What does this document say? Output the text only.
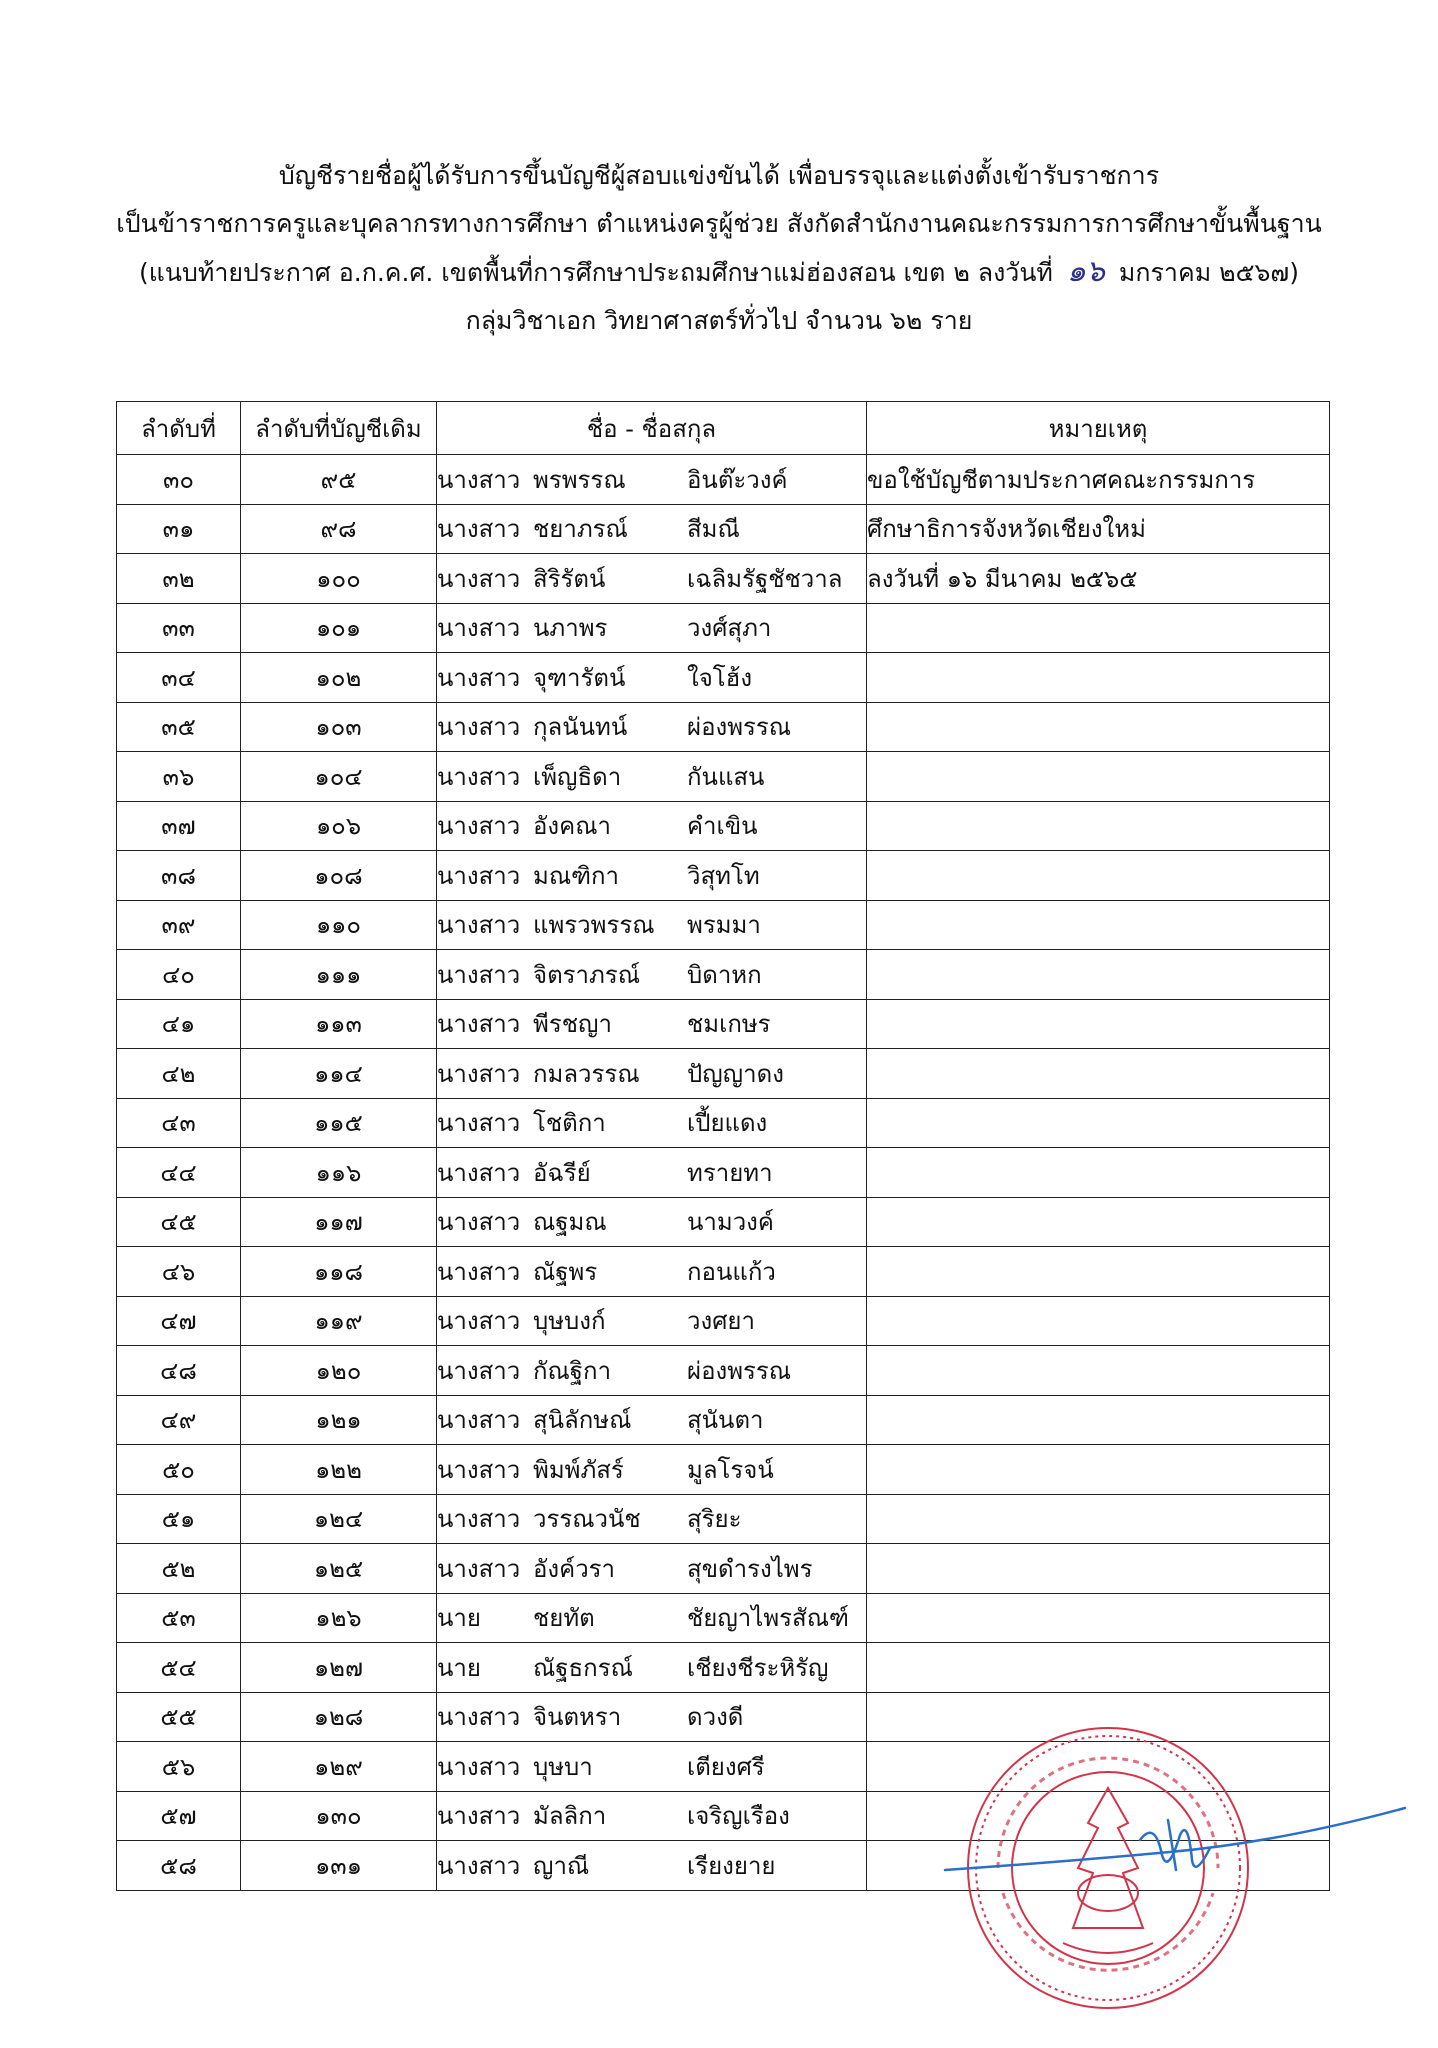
บัญชีรายชื่อผู้ได้รับการขึ้นบัญชีผู้สอบแข่งขันได้ เพื่อบรรจุและแต่งตั้งเข้ารับราชการ
เป็นข้าราชการครูและบุคลากรทางการศึกษา ตำแหน่งครูผู้ช่วย สังกัดสำนักงานคณะกรรมการการศึกษาขั้นพื้นฐาน
(แนบท้ายประกาศ อ.ก.ค.ศ. เขตพื้นที่การศึกษาประถมศึกษาแม่ฮ่องสอน เขต ๒ ลงวันที่ ๑๖ มกราคม ๒๕๖๗)
กลุ่มวิชาเอก วิทยาศาสตร์ทั่วไป จำนวน ๖๒ ราย
ลำดับที่	ลำดับที่บัญชีเดิม	ชื่อ - ชื่อสกุล	หมายเหตุ
๓๐	๙๕	นางสาว พรพรรณ อินต๊ะวงค์	ขอใช้บัญชีตามประกาศคณะกรรมการ
๓๑	๙๘	นางสาว ชยาภรณ์ สีมณี	ศึกษาธิการจังหวัดเชียงใหม่
๓๒	๑๐๐	นางสาว สิริรัตน์ เฉลิมรัฐชัชวาล	ลงวันที่ ๑๖ มีนาคม ๒๕๖๕
๓๓	๑๐๑	นางสาว นภาพร วงศ์สุภา	
๓๔	๑๐๒	นางสาว จุฑารัตน์ ใจโฮ้ง	
๓๕	๑๐๓	นางสาว กุลนันทน์ ผ่องพรรณ	
๓๖	๑๐๔	นางสาว เพ็ญธิดา กันแสน	
๓๗	๑๐๖	นางสาว อังคณา คำเขิน	
๓๘	๑๐๘	นางสาว มณฑิกา วิสุทโท	
๓๙	๑๑๐	นางสาว แพรวพรรณ พรมมา	
๔๐	๑๑๑	นางสาว จิตราภรณ์ บิดาหก	
๔๑	๑๑๓	นางสาว พีรชญา ชมเกษร	
๔๒	๑๑๔	นางสาว กมลวรรณ ปัญญาดง	
๔๓	๑๑๕	นางสาว โชติกา เปี้ยแดง	
๔๔	๑๑๖	นางสาว อัฉรีย์ ทรายทา	
๔๕	๑๑๗	นางสาว ณฐมณ นามวงค์	
๔๖	๑๑๘	นางสาว ณัฐพร กอนแก้ว	
๔๗	๑๑๙	นางสาว บุษบงก์ วงศยา	
๔๘	๑๒๐	นางสาว กัณฐิกา ผ่องพรรณ	
๔๙	๑๒๑	นางสาว สุนิลักษณ์ สุนันตา	
๕๐	๑๒๒	นางสาว พิมพ์ภัสร์ มูลโรจน์	
๕๑	๑๒๔	นางสาว วรรณวนัช สุริยะ	
๕๒	๑๒๕	นางสาว อังค์วรา สุขดำรงไพร	
๕๓	๑๒๖	นาย ชยทัต ชัยญาไพรสัณฑ์	
๕๔	๑๒๗	นาย ณัฐธกรณ์ เชียงชีระหิรัญ	
๕๕	๑๒๘	นางสาว จินตหรา ดวงดี	
๕๖	๑๒๙	นางสาว บุษบา เตียงศรี	
๕๗	๑๓๐	นางสาว มัลลิกา เจริญเรือง	
๕๘	๑๓๑	นางสาว ญาณี เรียงยาย	
